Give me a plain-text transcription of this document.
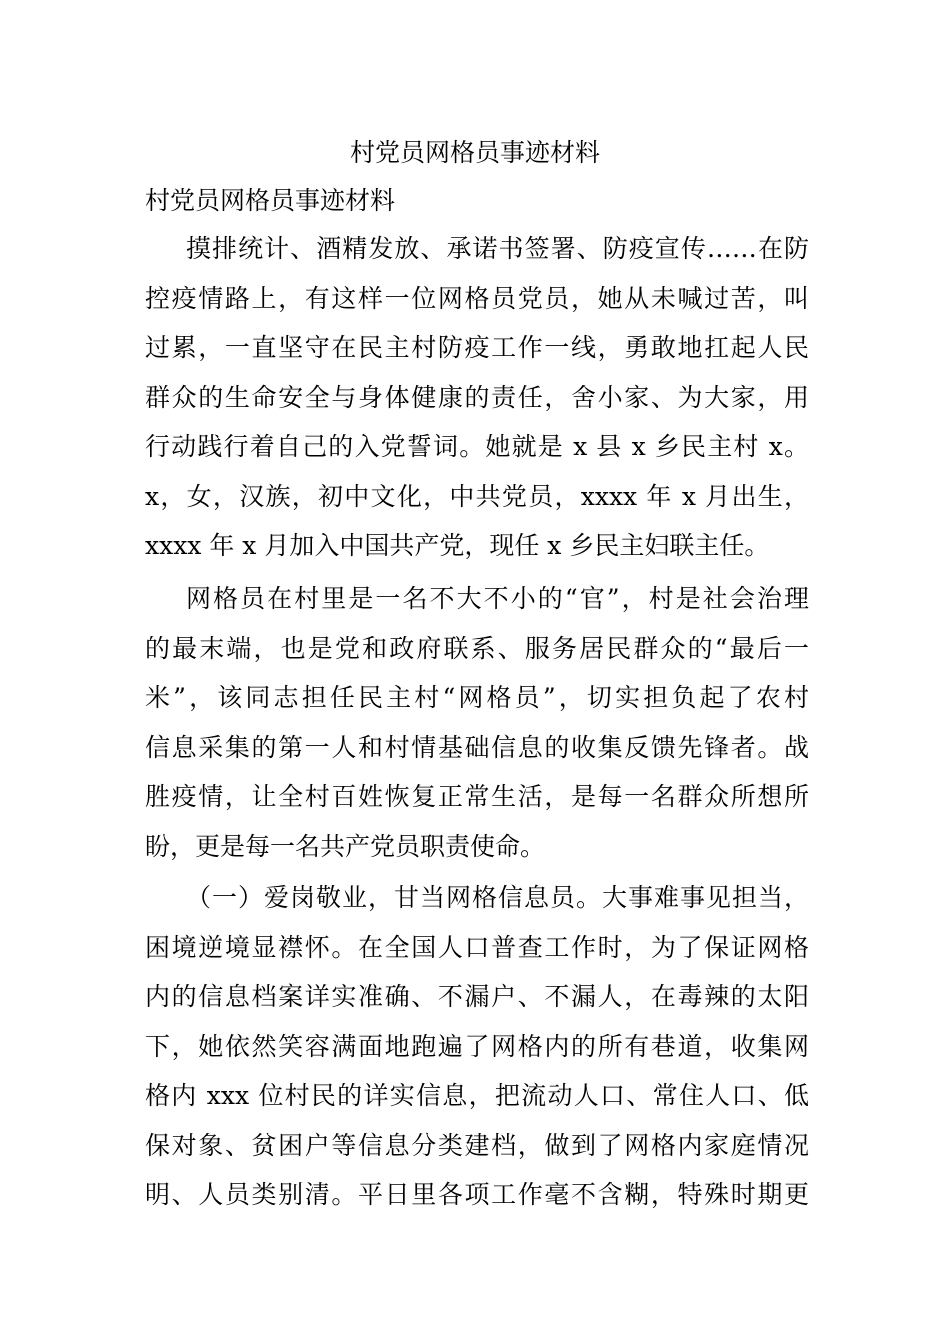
村党员网格员事迹材料

村党员网格员事迹材料

摸排统计、酒精发放、承诺书签署、防疫宣传……在防
控疫情路上，有这样一位网格员党员，她从未喊过苦，叫
过累，一直坚守在民主村防疫工作一线，勇敢地扛起人民
群众的生命安全与身体健康的责任，舍小家、为大家，用
行动践行着自己的入党誓词。她就是 x 县 x 乡民主村 x。
x，女，汉族，初中文化，中共党员，xxxx 年 x 月出生，
xxxx 年 x 月加入中国共产党，现任 x 乡民主妇联主任。
网格员在村里是一名不大不小的“官”，村是社会治理
的最末端，也是党和政府联系、服务居民群众的“最后一
米”，该同志担任民主村“网格员”，切实担负起了农村
信息采集的第一人和村情基础信息的收集反馈先锋者。战
胜疫情，让全村百姓恢复正常生活，是每一名群众所想所
盼，更是每一名共产党员职责使命。
（一）爱岗敬业，甘当网格信息员。大事难事见担当，
困境逆境显襟怀。在全国人口普查工作时，为了保证网格
内的信息档案详实准确、不漏户、不漏人，在毒辣的太阳
下，她依然笑容满面地跑遍了网格内的所有巷道，收集网
格内 xxx 位村民的详实信息，把流动人口、常住人口、低
保对象、贫困户等信息分类建档，做到了网格内家庭情况
明、人员类别清。平日里各项工作毫不含糊，特殊时期更
